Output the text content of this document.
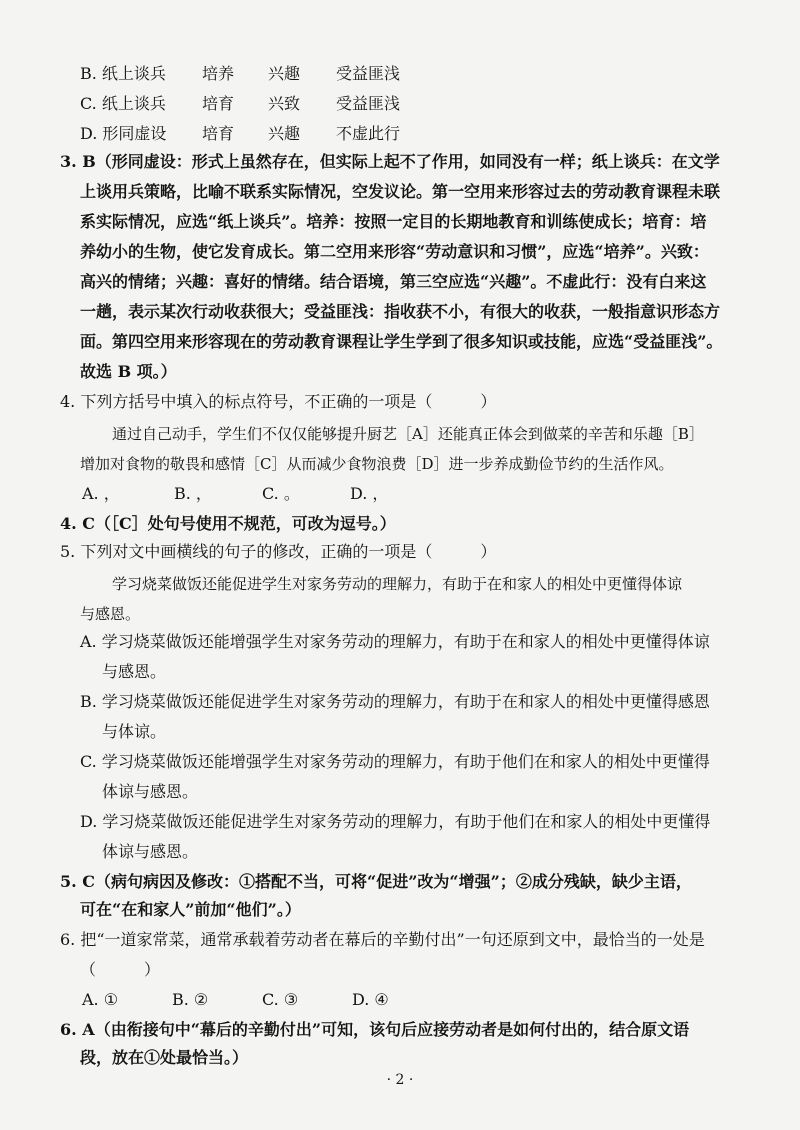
B. 纸上谈兵 培养 兴趣 受益匪浅
C. 纸上谈兵 培育 兴致 受益匪浅
D. 形同虚设 培育 兴趣 不虚此行
3. B（形同虚设：形式上虽然存在，但实际上起不了作用，如同没有一样；纸上谈兵：在文学
上谈用兵策略，比喻不联系实际情况，空发议论。第一空用来形容过去的劳动教育课程未联
系实际情况，应选“纸上谈兵”。培养：按照一定目的长期地教育和训练使成长；培育：培
养幼小的生物，使它发育成长。第二空用来形容“劳动意识和习惯”，应选“培养”。兴致：
高兴的情绪；兴趣：喜好的情绪。结合语境，第三空应选“兴趣”。不虚此行：没有白来这
一趟，表示某次行动收获很大；受益匪浅：指收获不小，有很大的收获，一般指意识形态方
面。第四空用来形容现在的劳动教育课程让学生学到了很多知识或技能，应选“受益匪浅”。
故选 B 项。）
4. 下列方括号中填入的标点符号，不正确的一项是（　　　）
通过自己动手，学生们不仅仅能够提升厨艺［A］还能真正体会到做菜的辛苦和乐趣［B］
增加对食物的敬畏和感情［C］从而减少食物浪费［D］进一步养成勤俭节约的生活作风。
A. ，	B. ，	C. 。	D. ，
4. C（［C］处句号使用不规范，可改为逗号。）
5. 下列对文中画横线的句子的修改，正确的一项是（　　　）
学习烧菜做饭还能促进学生对家务劳动的理解力，有助于在和家人的相处中更懂得体谅
与感恩。
A. 学习烧菜做饭还能增强学生对家务劳动的理解力，有助于在和家人的相处中更懂得体谅
与感恩。
B. 学习烧菜做饭还能促进学生对家务劳动的理解力，有助于在和家人的相处中更懂得感恩
与体谅。
C. 学习烧菜做饭还能增强学生对家务劳动的理解力，有助于他们在和家人的相处中更懂得
体谅与感恩。
D. 学习烧菜做饭还能促进学生对家务劳动的理解力，有助于他们在和家人的相处中更懂得
体谅与感恩。
5. C（病句病因及修改：①搭配不当，可将“促进”改为“增强”；②成分残缺，缺少主语，
可在“在和家人”前加“他们”。）
6. 把“一道家常菜，通常承载着劳动者在幕后的辛勤付出”一句还原到文中，最恰当的一处是
（　　　）
A. ①	B. ②	C. ③	D. ④
6. A（由衔接句中“幕后的辛勤付出”可知，该句后应接劳动者是如何付出的，结合原文语
段，放在①处最恰当。）
· 2 ·
